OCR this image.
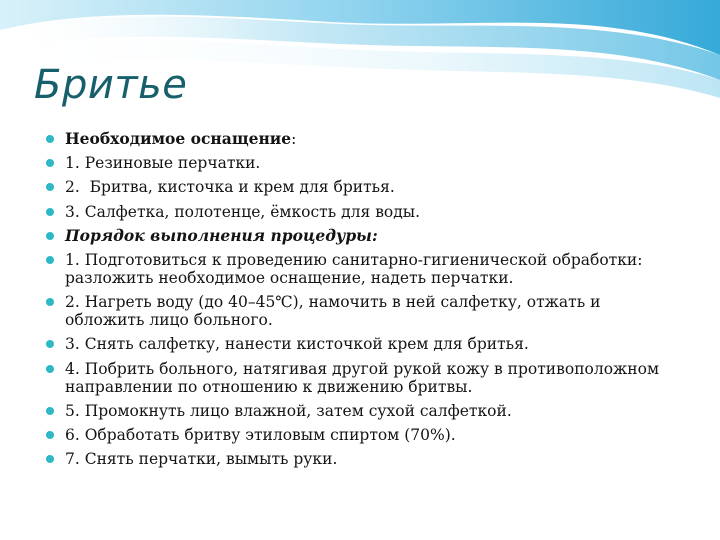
Бритье
Необходимое оснащение:
1. Резиновые перчатки.
2.  Бритва, кисточка и крем для бритья.
3. Салфетка, полотенце, ёмкость для воды.
Порядок выполнения процедуры:
1. Подготовиться к проведению санитарно-гигиенической обработки: разложить необходимое оснащение, надеть перчатки.
2. Нагреть воду (до 40–45℃), намочить в ней салфетку, отжать и обложить лицо больного.
3. Снять салфетку, нанести кисточкой крем для бритья.
4. Побрить больного, натягивая другой рукой кожу в противоположном направлении по отношению к движению бритвы.
5. Промокнуть лицо влажной, затем сухой салфеткой.
6. Обработать бритву этиловым спиртом (70%).
7. Снять перчатки, вымыть руки.
